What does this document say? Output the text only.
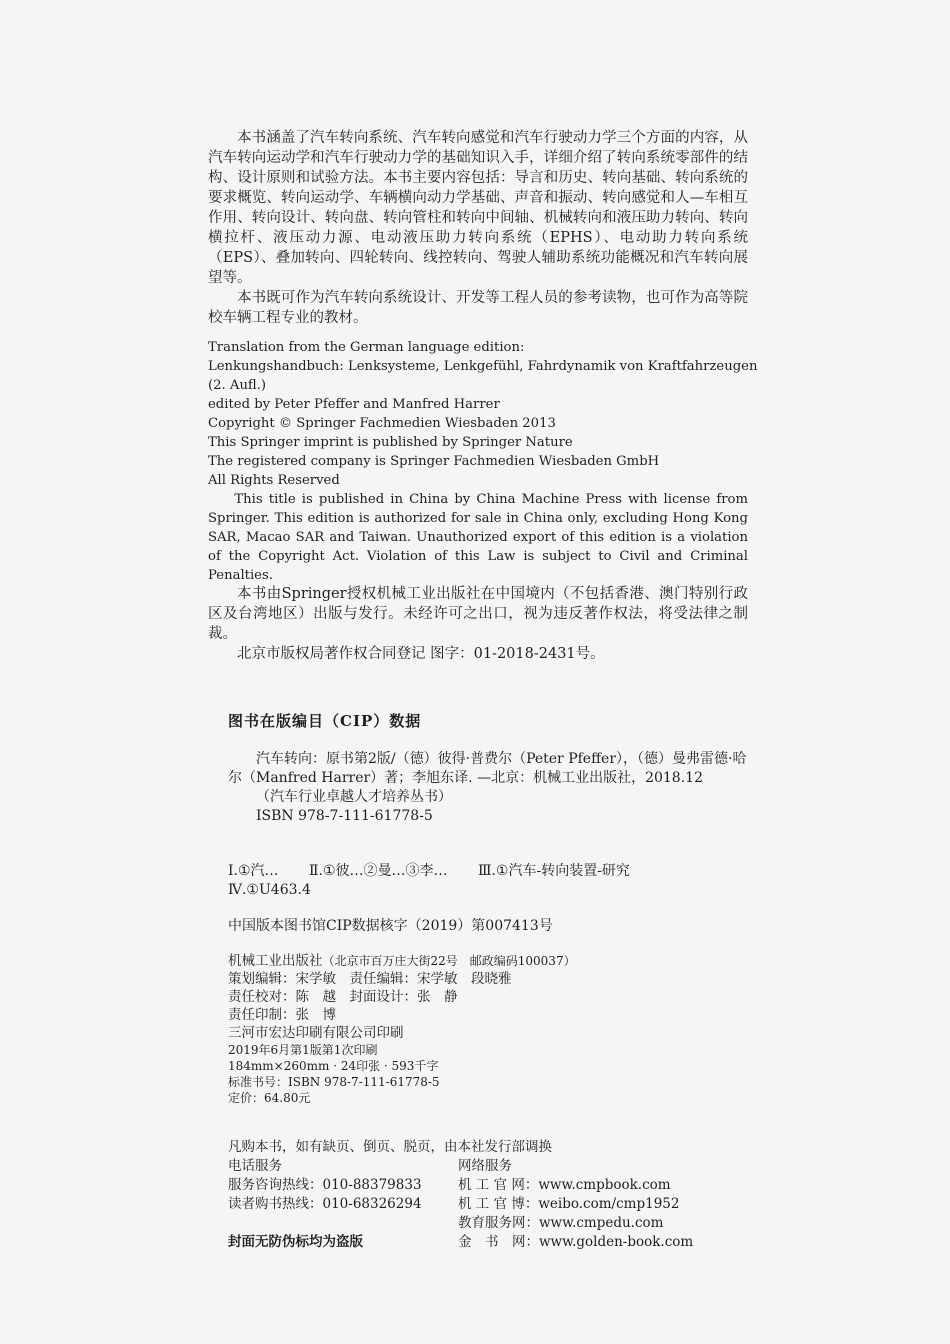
本书涵盖了汽车转向系统、汽车转向感觉和汽车行驶动力学三个方面的内容，从汽车转向运动学和汽车行驶动力学的基础知识入手，详细介绍了转向系统零部件的结构、设计原则和试验方法。本书主要内容包括：导言和历史、转向基础、转向系统的要求概览、转向运动学、车辆横向动力学基础、声音和振动、转向感觉和人—车相互作用、转向设计、转向盘、转向管柱和转向中间轴、机械转向和液压助力转向、转向横拉杆、液压动力源、电动液压助力转向系统（EPHS）、电动助力转向系统（EPS）、叠加转向、四轮转向、线控转向、驾驶人辅助系统功能概况和汽车转向展望等。

本书既可作为汽车转向系统设计、开发等工程人员的参考读物，也可作为高等院校车辆工程专业的教材。

Translation from the German language edition:

Lenkungshandbuch: Lenksysteme, Lenkgefühl, Fahrdynamik von Kraftfahrzeugen

(2. Aufl.)

edited by Peter Pfeffer and Manfred Harrer

Copyright © Springer Fachmedien Wiesbaden 2013

This Springer imprint is published by Springer Nature

The registered company is Springer Fachmedien Wiesbaden GmbH

All Rights Reserved

This title is published in China by China Machine Press with license from Springer. This edition is authorized for sale in China only, excluding Hong Kong SAR, Macao SAR and Taiwan. Unauthorized export of this edition is a violation of the Copyright Act. Violation of this Law is subject to Civil and Criminal Penalties.

本书由Springer授权机械工业出版社在中国境内（不包括香港、澳门特别行政区及台湾地区）出版与发行。未经许可之出口，视为违反著作权法，将受法律之制裁。

北京市版权局著作权合同登记 图字：01-2018-2431号。

图书在版编目（CIP）数据

汽车转向：原书第2版/（德）彼得·普费尔（Peter Pfeffer），（德）曼弗雷德·哈尔（Manfred Harrer）著；李旭东译. —北京：机械工业出版社，2018.12

（汽车行业卓越人才培养丛书）

ISBN 978-7-111-61778-5

Ⅰ.①汽… Ⅱ.①彼…②曼…③李… Ⅲ.①汽车-转向装置-研究

Ⅳ.①U463.4

中国版本图书馆CIP数据核字（2019）第007413号

机械工业出版社（北京市百万庄大街22号　邮政编码100037）

策划编辑：宋学敏　责任编辑：宋学敏　段晓雅

责任校对：陈　越　封面设计：张　静

责任印制：张　博

三河市宏达印刷有限公司印刷

2019年6月第1版第1次印刷

184mm×260mm · 24印张 · 593千字

标准书号：ISBN 978-7-111-61778-5

定价：64.80元

凡购本书，如有缺页、倒页、脱页，由本社发行部调换

电话服务

服务咨询热线：010-88379833

读者购书热线：010-68326294

封面无防伪标均为盗版

网络服务

机 工 官 网：www.cmpbook.com

机 工 官 博：weibo.com/cmp1952

教育服务网：www.cmpedu.com

金　书　网：www.golden-book.com
